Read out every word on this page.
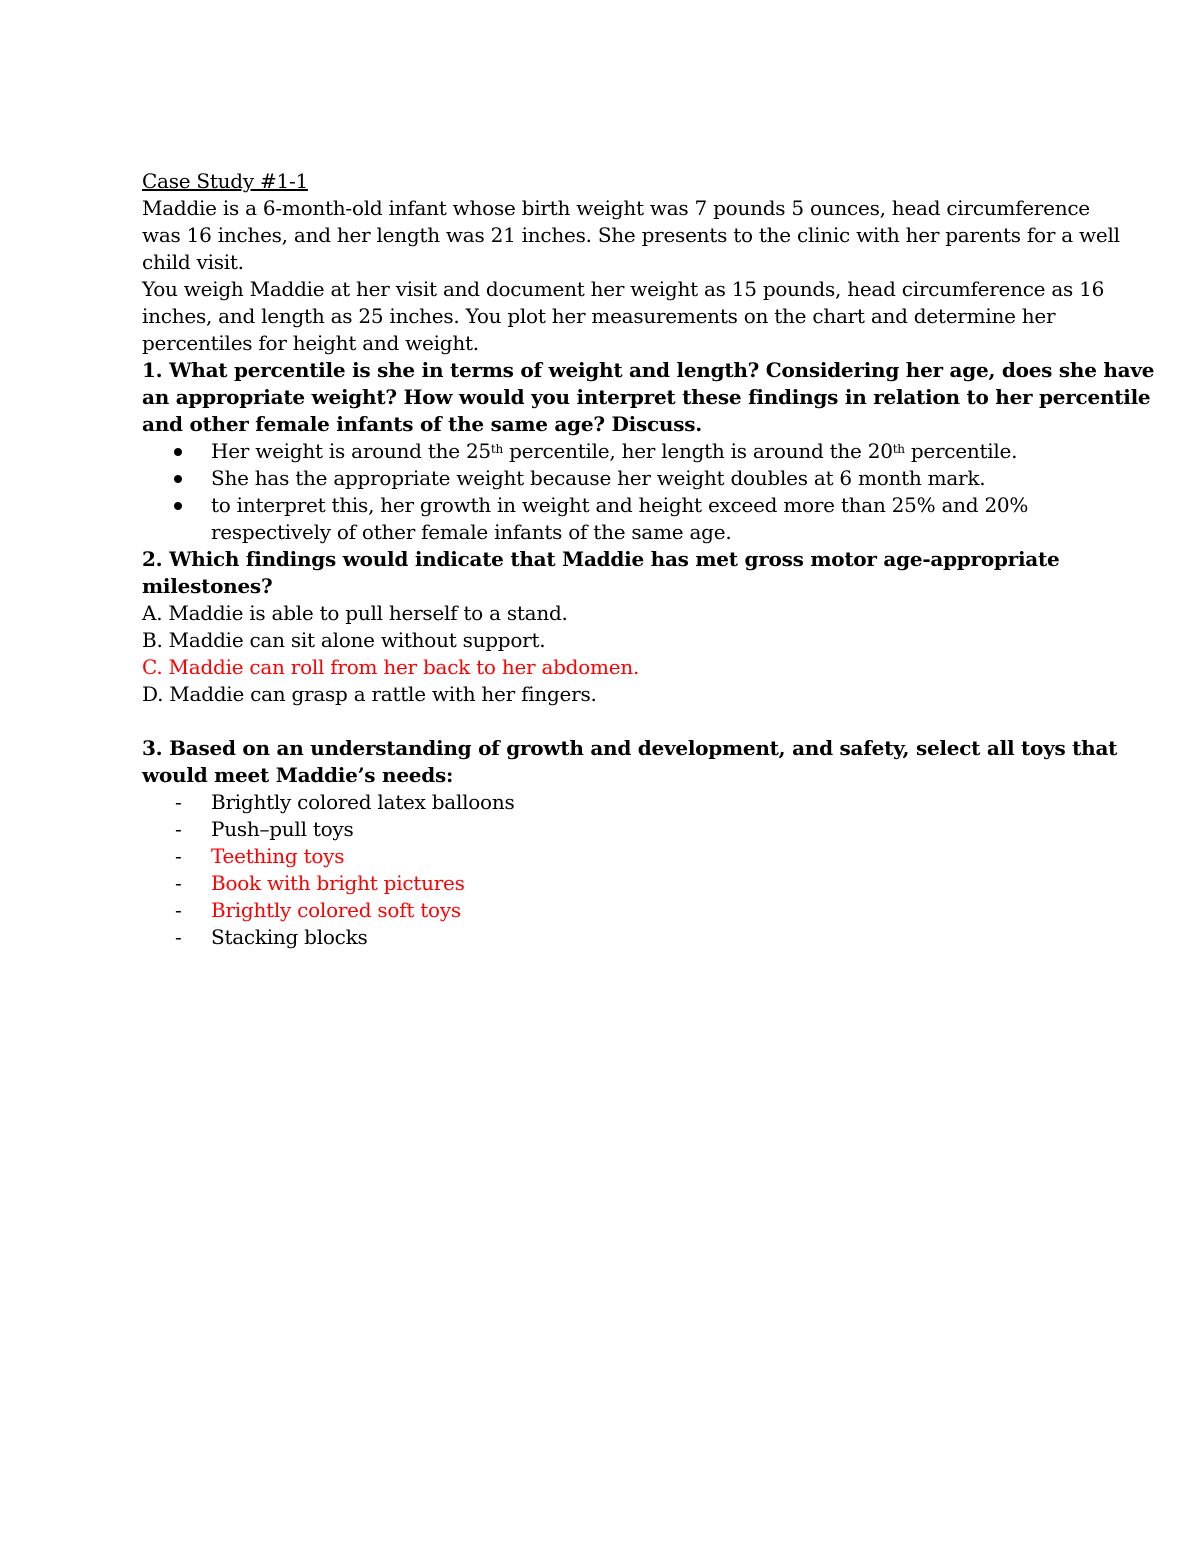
Case Study #1-1
Maddie is a 6-month-old infant whose birth weight was 7 pounds 5 ounces, head circumference
was 16 inches, and her length was 21 inches. She presents to the clinic with her parents for a well
child visit.
You weigh Maddie at her visit and document her weight as 15 pounds, head circumference as 16
inches, and length as 25 inches. You plot her measurements on the chart and determine her
percentiles for height and weight.
1. What percentile is she in terms of weight and length? Considering her age, does she have
an appropriate weight? How would you interpret these findings in relation to her percentile
and other female infants of the same age? Discuss.
Her weight is around the 25th percentile, her length is around the 20th percentile.
She has the appropriate weight because her weight doubles at 6 month mark.
to interpret this, her growth in weight and height exceed more than 25% and 20%
respectively of other female infants of the same age.
2. Which findings would indicate that Maddie has met gross motor age-appropriate
milestones?
A. Maddie is able to pull herself to a stand.
B. Maddie can sit alone without support.
C. Maddie can roll from her back to her abdomen.
D. Maddie can grasp a rattle with her fingers.
3. Based on an understanding of growth and development, and safety, select all toys that
would meet Maddie’s needs:
- Brightly colored latex balloons
- Push–pull toys
- Teething toys
- Book with bright pictures
- Brightly colored soft toys
- Stacking blocks
